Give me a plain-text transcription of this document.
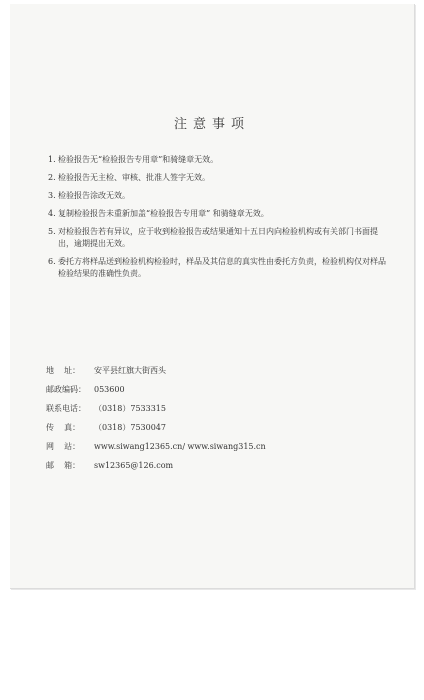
注意事项
1. 检验报告无“检验报告专用章”和骑缝章无效。
2. 检验报告无主检、审核、批准人签字无效。
3. 检验报告涂改无效。
4. 复制检验报告未重新加盖“检验报告专用章” 和骑缝章无效。
5. 对检验报告若有异议，应于收到检验报告或结果通知十五日内向检验机构或有关部门书面提出，逾期提出无效。
6. 委托方将样品送到检验机构检验时，样品及其信息的真实性由委托方负责，检验机构仅对样品检验结果的准确性负责。
地    址：	安平县红旗大街西头
邮政编码：	053600
联系电话：	（0318）7533315
传    真：	（0318）7530047
网    站：	www.siwang12365.cn/ www.siwang315.cn
邮    箱：	sw12365@126.com
